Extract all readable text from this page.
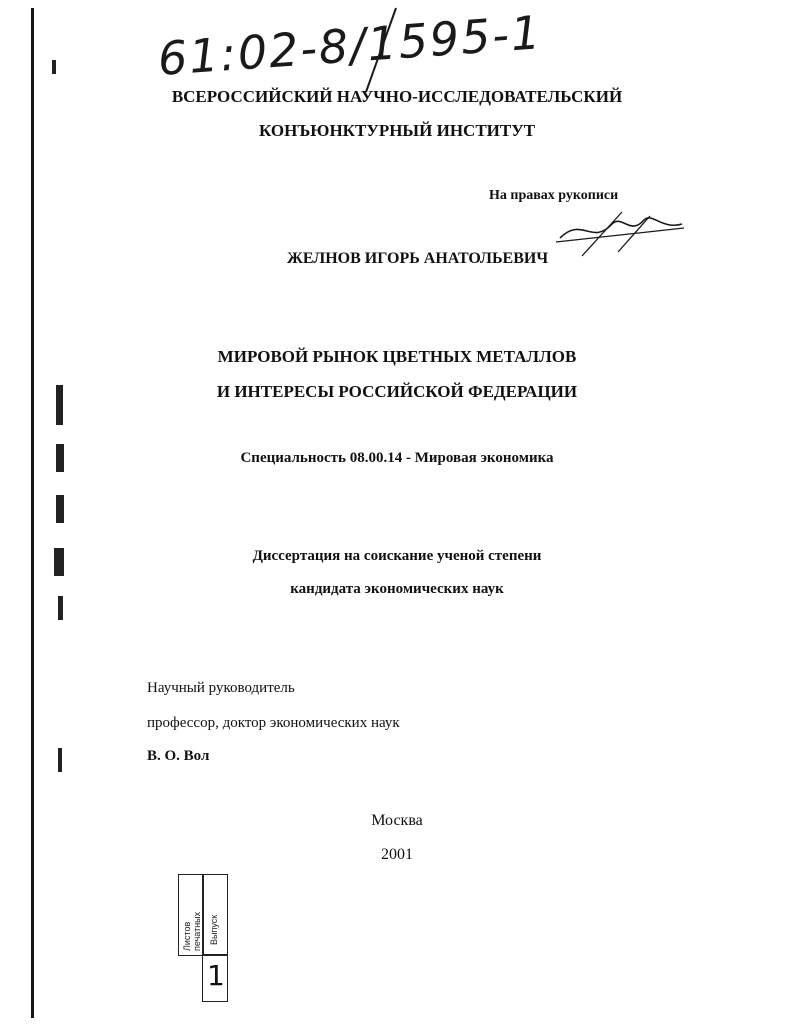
61:02-8/1595-1
ВСЕРОССИЙСКИЙ НАУЧНО-ИССЛЕДОВАТЕЛЬСКИЙ
КОНЪЮНКТУРНЫЙ ИНСТИТУТ
На правах рукописи
ЖЕЛНОВ ИГОРЬ АНАТОЛЬЕВИЧ
МИРОВОЙ РЫНОК ЦВЕТНЫХ МЕТАЛЛОВ
И ИНТЕРЕСЫ РОССИЙСКОЙ ФЕДЕРАЦИИ
Специальность 08.00.14 - Мировая экономика
Диссертация на соискание ученой степени
кандидата экономических наук
Научный руководитель
профессор, доктор экономических наук
В. О. Вол
Москва
2001
Листов печатных Выпуск
1
